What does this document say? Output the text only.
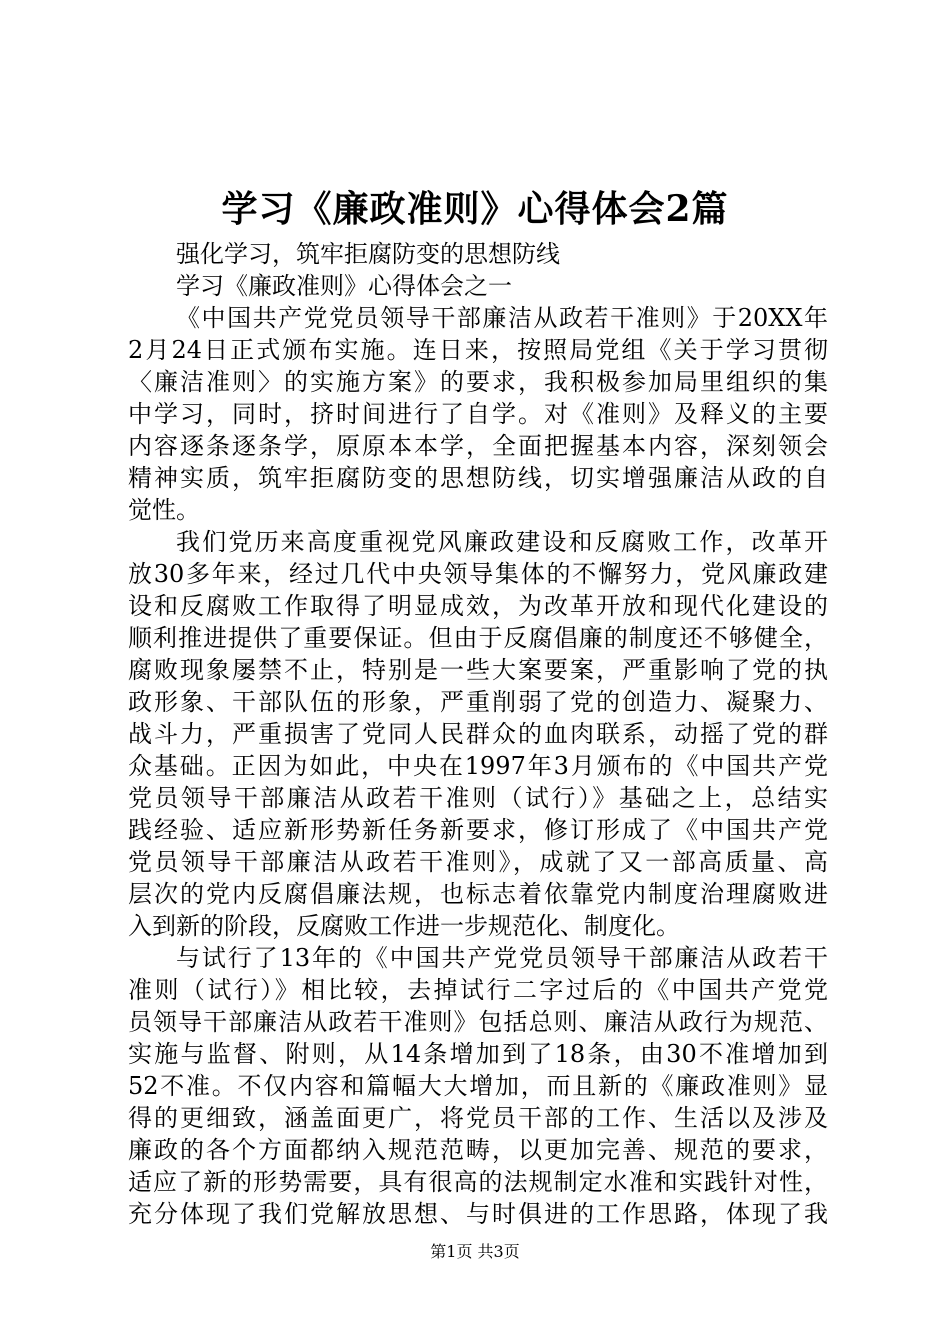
学习《廉政准则》心得体会2篇
强化学习，筑牢拒腐防变的思想防线
学习《廉政准则》心得体会之一
《中国共产党党员领导干部廉洁从政若干准则》于20XX年
2月24日正式颁布实施。连日来，按照局党组《关于学习贯彻
〈廉洁准则〉的实施方案》的要求，我积极参加局里组织的集
中学习，同时，挤时间进行了自学。对《准则》及释义的主要
内容逐条逐条学，原原本本学，全面把握基本内容，深刻领会
精神实质，筑牢拒腐防变的思想防线，切实增强廉洁从政的自
觉性。
我们党历来高度重视党风廉政建设和反腐败工作，改革开
放30多年来，经过几代中央领导集体的不懈努力，党风廉政建
设和反腐败工作取得了明显成效，为改革开放和现代化建设的
顺利推进提供了重要保证。但由于反腐倡廉的制度还不够健全，
腐败现象屡禁不止，特别是一些大案要案，严重影响了党的执
政形象、干部队伍的形象，严重削弱了党的创造力、凝聚力、
战斗力，严重损害了党同人民群众的血肉联系，动摇了党的群
众基础。正因为如此，中央在1997年3月颁布的《中国共产党
党员领导干部廉洁从政若干准则（试行）》基础之上，总结实
践经验、适应新形势新任务新要求，修订形成了《中国共产党
党员领导干部廉洁从政若干准则》，成就了又一部高质量、高
层次的党内反腐倡廉法规，也标志着依靠党内制度治理腐败进
入到新的阶段，反腐败工作进一步规范化、制度化。
与试行了13年的《中国共产党党员领导干部廉洁从政若干
准则（试行）》相比较，去掉试行二字过后的《中国共产党党
员领导干部廉洁从政若干准则》包括总则、廉洁从政行为规范、
实施与监督、附则，从14条增加到了18条，由30不准增加到
52不准。不仅内容和篇幅大大增加，而且新的《廉政准则》显
得的更细致，涵盖面更广，将党员干部的工作、生活以及涉及
廉政的各个方面都纳入规范范畴，以更加完善、规范的要求，
适应了新的形势需要，具有很高的法规制定水准和实践针对性，
充分体现了我们党解放思想、与时俱进的工作思路，体现了我
第1页 共3页
